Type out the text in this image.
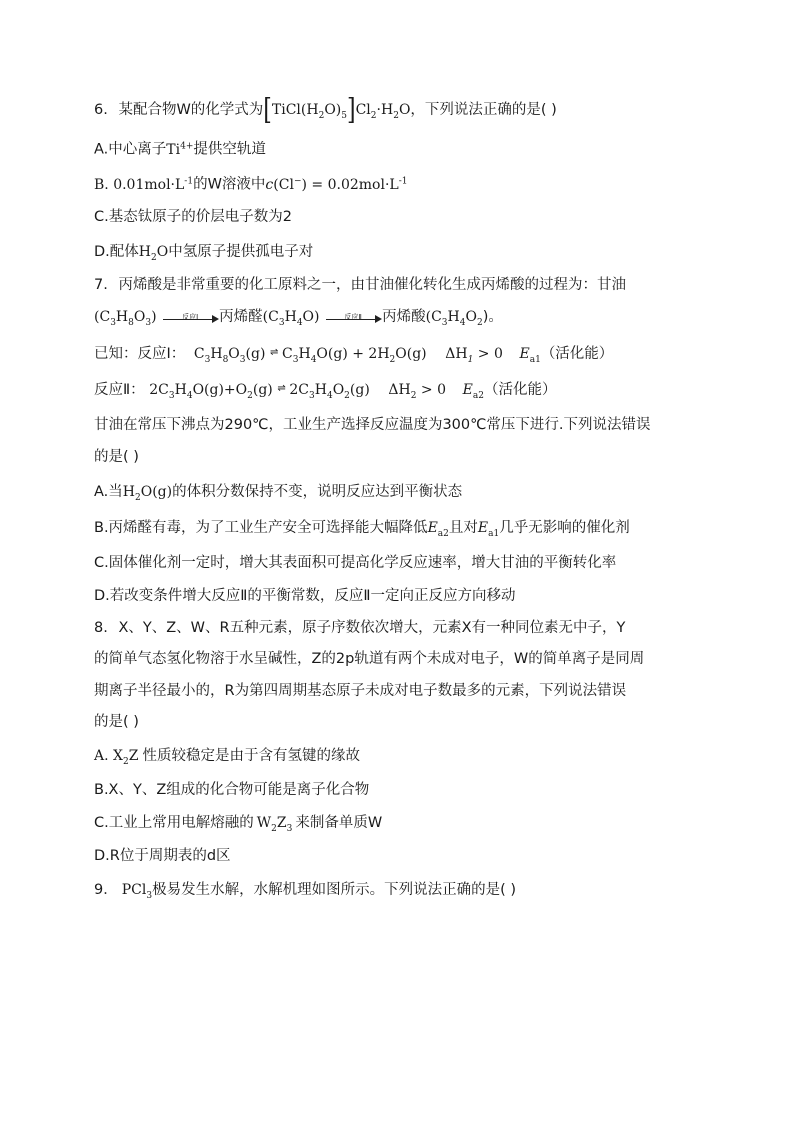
6. 某配合物W的化学式为$[TiCl(H_2O)_5]Cl_2\cdot H_2O$，下列说法正确的是( )
A.中心离子$Ti^{4+}$提供空轨道
B. $0.01mol\cdot L^{-1}$的W溶液中$c(Cl^-) = 0.02mol\cdot L^{-1}$
C.基态钛原子的价层电子数为2
D.配体$H_2O$中氢原子提供孤电子对
7. 丙烯酸是非常重要的化工原料之一，由甘油催化转化生成丙烯酸的过程为：甘油
$(C_3H_8O_3)$	反应Ⅰ	丙烯醛$(C_3H_4O)$	反应Ⅱ	丙烯酸$(C_3H_4O_2)$。
已知：反应Ⅰ： $C_3H_8O_3(g)$ ⇌ $C_3H_4O(g) + 2H_2O(g) \Delta H_1 > 0$ $E_{a1}$（活化能）
反应Ⅱ： $2C_3H_4O(g)+O_2(g)$ ⇌ $2C_3H_4O_2(g) \Delta H_2 > 0$ $E_{a2}$（活化能）
甘油在常压下沸点为290℃，工业生产选择反应温度为300℃常压下进行.下列说法错误
的是( )
A.当$H_2O(g)$的体积分数保持不变，说明反应达到平衡状态
B.丙烯醛有毒，为了工业生产安全可选择能大幅降低$E_{a2}$且对$E_{a1}$几乎无影响的催化剂
C.固体催化剂一定时，增大其表面积可提高化学反应速率，增大甘油的平衡转化率
D.若改变条件增大反应Ⅱ的平衡常数，反应Ⅱ一定向正反应方向移动
8. X、Y、Z、W、R五种元素，原子序数依次增大，元素X有一种同位素无中子，Y
的简单气态氢化物溶于水呈碱性，Z的2p轨道有两个未成对电子，W的简单离子是同周
期离子半径最小的，R为第四周期基态原子未成对电子数最多的元素，下列说法错误
的是( )
A. $X_2Z$ 性质较稳定是由于含有氢键的缘故
B.X、Y、Z组成的化合物可能是离子化合物
C.工业上常用电解熔融的 $W_2Z_3$ 来制备单质W
D.R位于周期表的d区
9． PCl$_3$极易发生水解，水解机理如图所示。下列说法正确的是( )
